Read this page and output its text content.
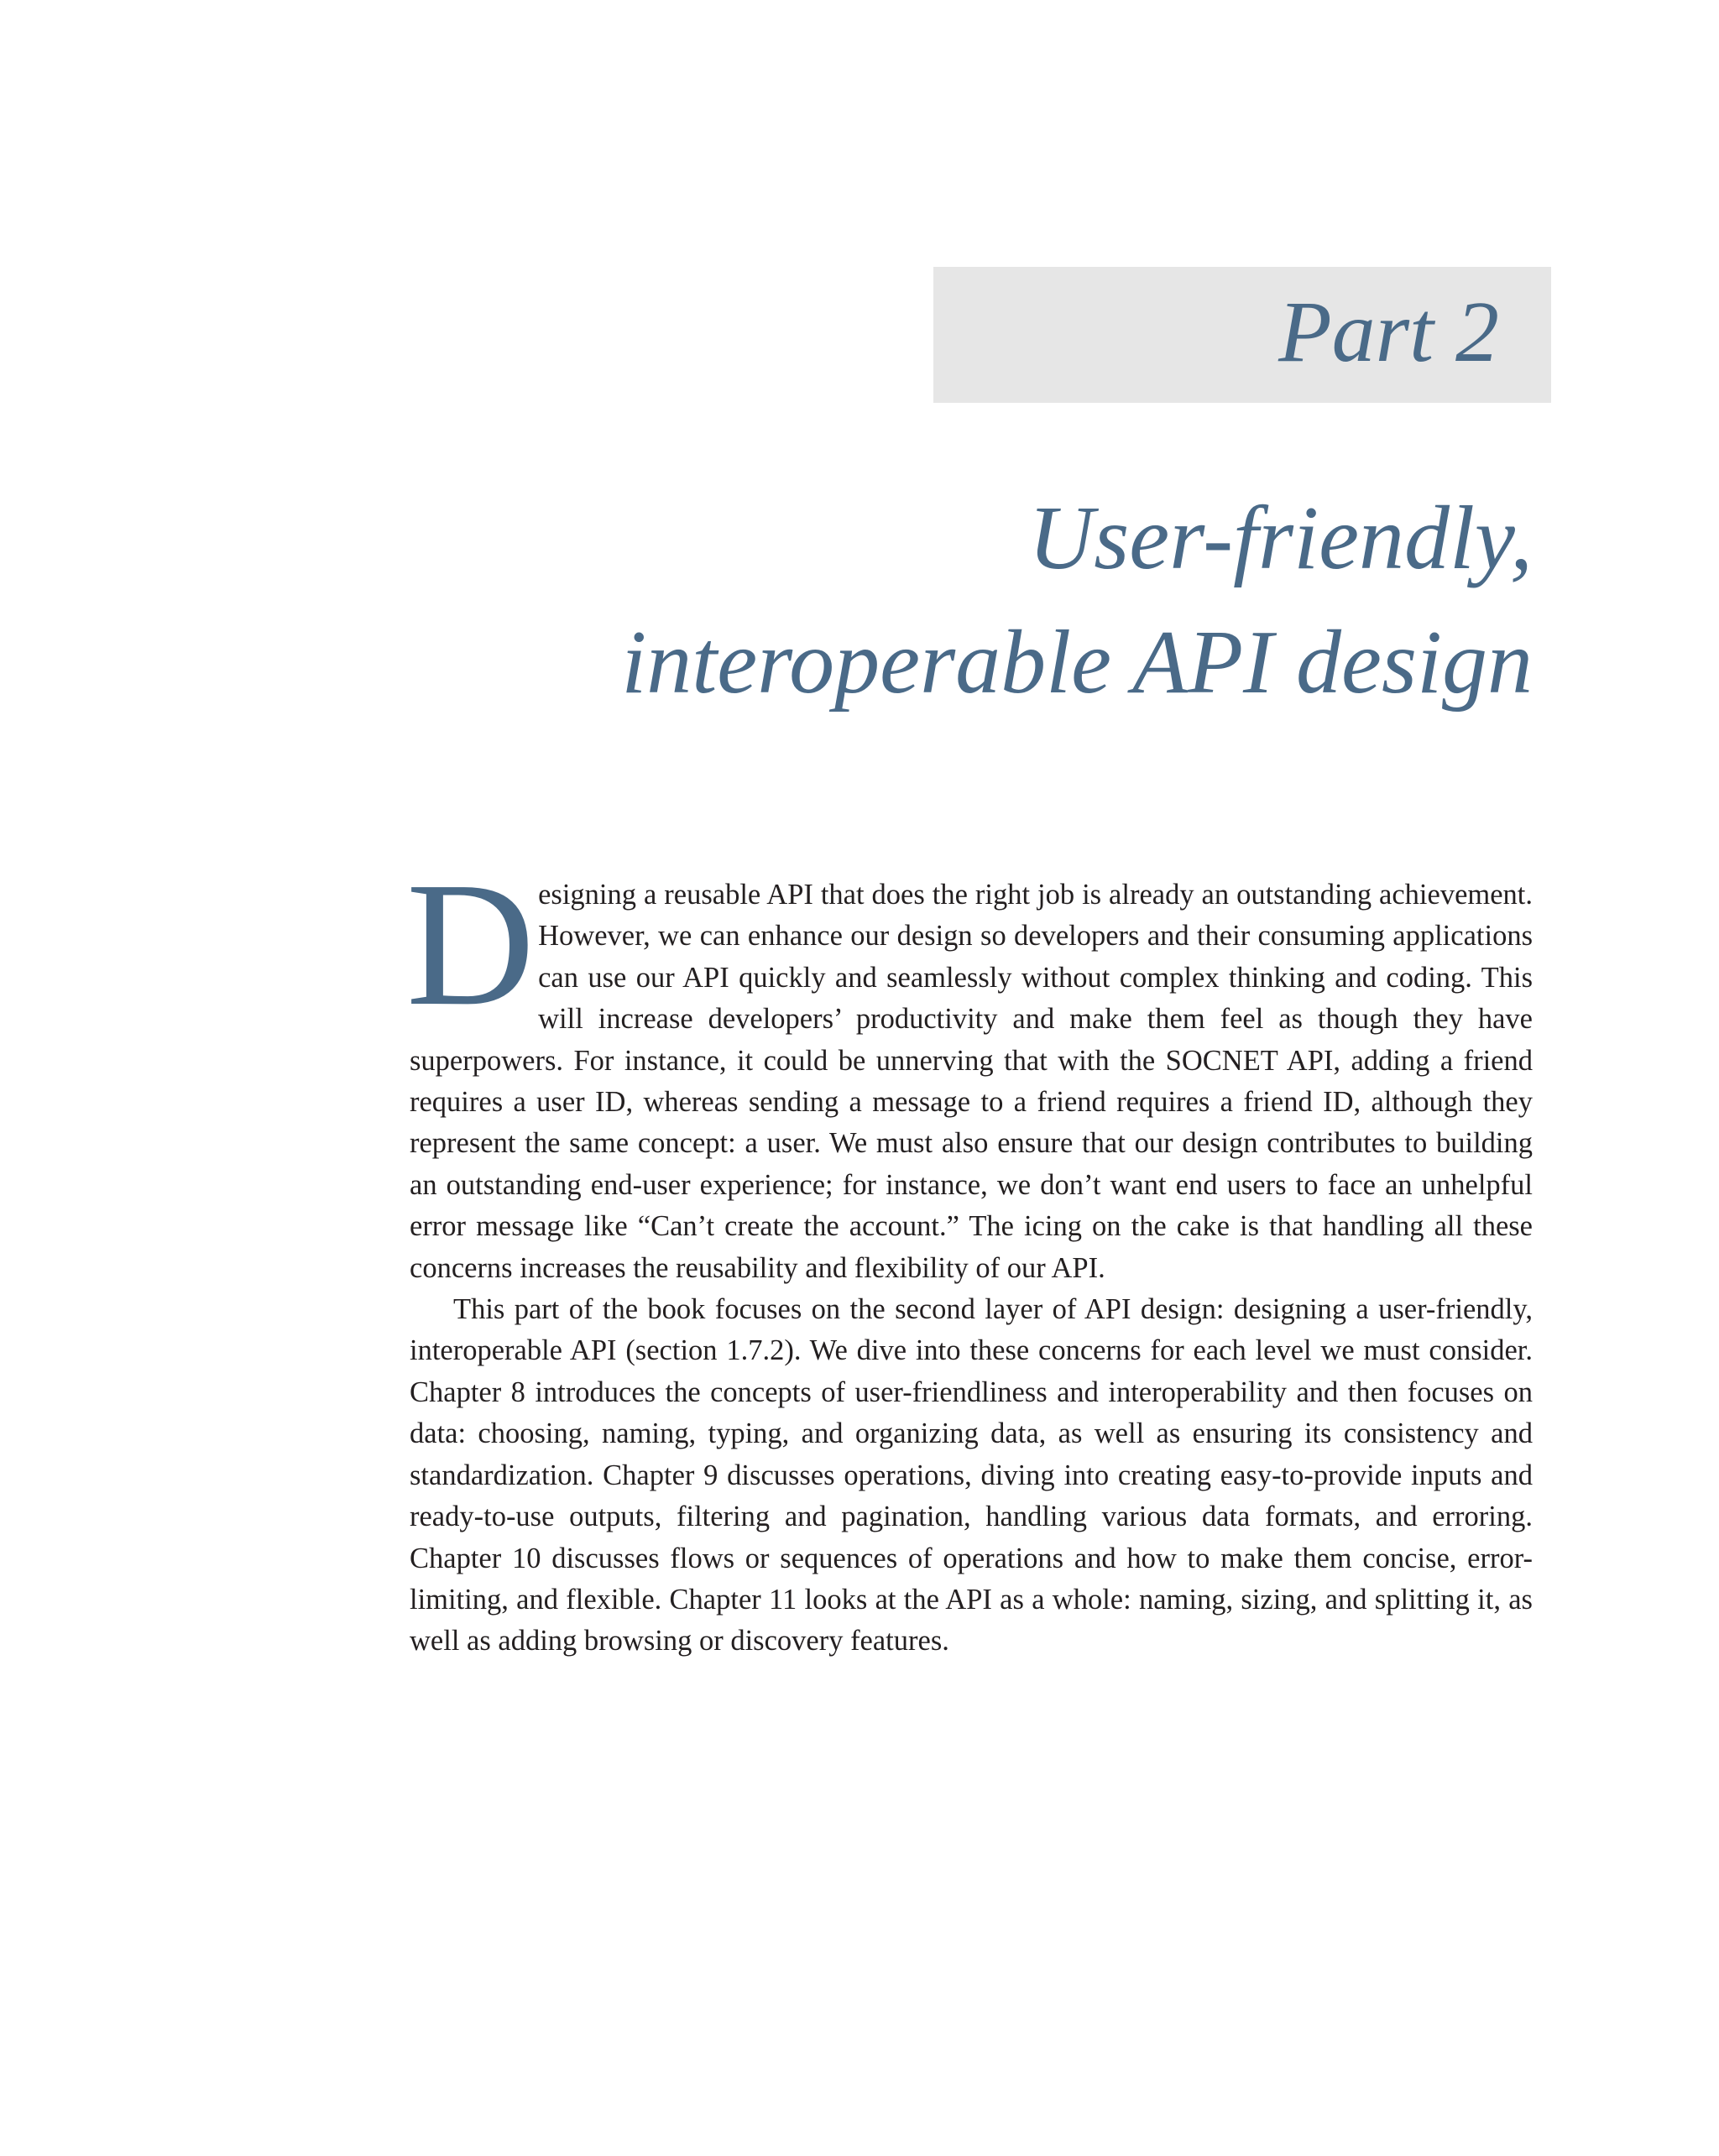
Part 2
User-friendly,
interoperable API design

Designing a reusable API that does the right job is already an outstanding achievement. However, we can enhance our design so developers and their consuming applications can use our API quickly and seamlessly without complex thinking and coding. This will increase developers’ productivity and make them feel as though they have superpowers. For instance, it could be unnerving that with the SOCNET API, adding a friend requires a user ID, whereas sending a message to a friend requires a friend ID, although they represent the same concept: a user. We must also ensure that our design contributes to building an outstanding end-user experience; for instance, we don’t want end users to face an unhelpful error message like “Can’t create the account.” The icing on the cake is that handling all these concerns increases the reusability and flexibility of our API.

This part of the book focuses on the second layer of API design: designing a user-friendly, interoperable API (section 1.7.2). We dive into these concerns for each level we must consider. Chapter 8 introduces the concepts of user-friendliness and interoperability and then focuses on data: choosing, naming, typing, and organizing data, as well as ensuring its consistency and standardization. Chapter 9 discusses operations, diving into creating easy-to-provide inputs and ready-to-use outputs, filtering and pagination, handling various data formats, and erroring. Chapter 10 discusses flows or sequences of operations and how to make them concise, error-limiting, and flexible. Chapter 11 looks at the API as a whole: naming, sizing, and splitting it, as well as adding browsing or discovery features.
